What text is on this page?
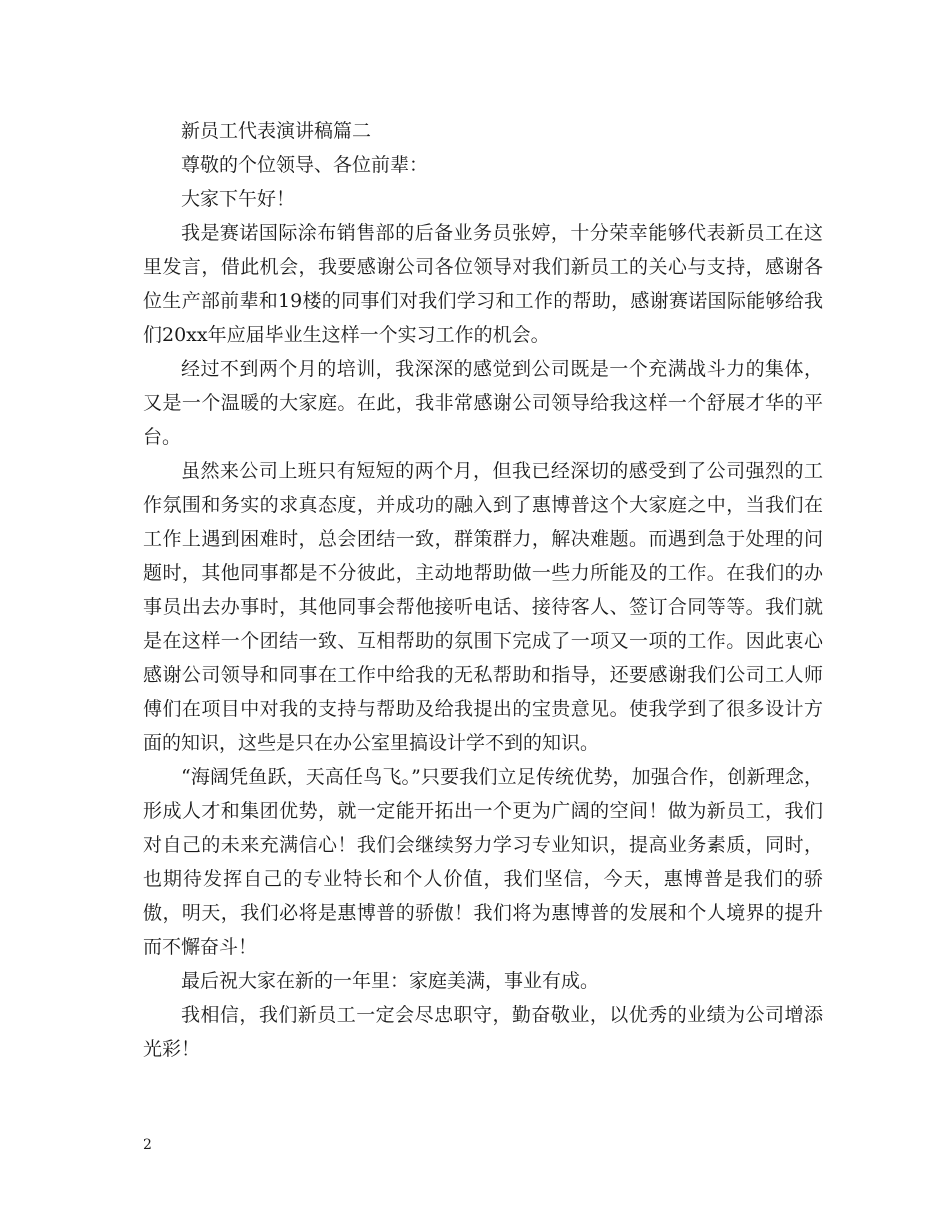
新员工代表演讲稿篇二

尊敬的个位领导、各位前辈：

大家下午好！

我是赛诺国际涂布销售部的后备业务员张婷，十分荣幸能够代表新员工在这里发言，借此机会，我要感谢公司各位领导对我们新员工的关心与支持，感谢各位生产部前辈和19楼的同事们对我们学习和工作的帮助，感谢赛诺国际能够给我们20xx年应届毕业生这样一个实习工作的机会。

经过不到两个月的培训，我深深的感觉到公司既是一个充满战斗力的集体，又是一个温暖的大家庭。在此，我非常感谢公司领导给我这样一个舒展才华的平台。

虽然来公司上班只有短短的两个月，但我已经深切的感受到了公司强烈的工作氛围和务实的求真态度，并成功的融入到了惠博普这个大家庭之中，当我们在工作上遇到困难时，总会团结一致，群策群力，解决难题。而遇到急于处理的问题时，其他同事都是不分彼此，主动地帮助做一些力所能及的工作。在我们的办事员出去办事时，其他同事会帮他接听电话、接待客人、签订合同等等。我们就是在这样一个团结一致、互相帮助的氛围下完成了一项又一项的工作。因此衷心感谢公司领导和同事在工作中给我的无私帮助和指导，还要感谢我们公司工人师傅们在项目中对我的支持与帮助及给我提出的宝贵意见。使我学到了很多设计方面的知识，这些是只在办公室里搞设计学不到的知识。

“海阔凭鱼跃，天高任鸟飞。”只要我们立足传统优势，加强合作，创新理念，形成人才和集团优势，就一定能开拓出一个更为广阔的空间！做为新员工，我们对自己的未来充满信心！我们会继续努力学习专业知识，提高业务素质，同时，也期待发挥自己的专业特长和个人价值，我们坚信，今天，惠博普是我们的骄傲，明天，我们必将是惠博普的骄傲！我们将为惠博普的发展和个人境界的提升而不懈奋斗！

最后祝大家在新的一年里：家庭美满，事业有成。

我相信，我们新员工一定会尽忠职守，勤奋敬业，以优秀的业绩为公司增添光彩！

2
